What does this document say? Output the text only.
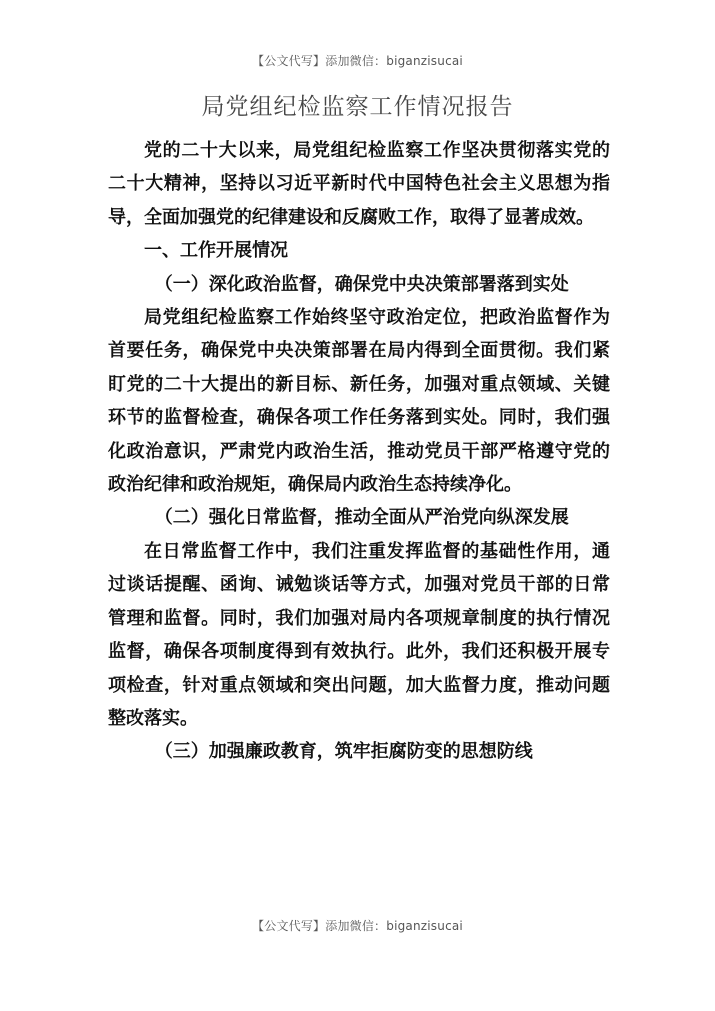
【公文代写】添加微信：biganzisucai
局党组纪检监察工作情况报告

党的二十大以来，局党组纪检监察工作坚决贯彻落实党的二十大精神，坚持以习近平新时代中国特色社会主义思想为指导，全面加强党的纪律建设和反腐败工作，取得了显著成效。

一、工作开展情况

（一）深化政治监督，确保党中央决策部署落到实处

局党组纪检监察工作始终坚守政治定位，把政治监督作为首要任务，确保党中央决策部署在局内得到全面贯彻。我们紧盯党的二十大提出的新目标、新任务，加强对重点领域、关键环节的监督检查，确保各项工作任务落到实处。同时，我们强化政治意识，严肃党内政治生活，推动党员干部严格遵守党的政治纪律和政治规矩，确保局内政治生态持续净化。

（二）强化日常监督，推动全面从严治党向纵深发展

在日常监督工作中，我们注重发挥监督的基础性作用，通过谈话提醒、函询、诫勉谈话等方式，加强对党员干部的日常管理和监督。同时，我们加强对局内各项规章制度的执行情况监督，确保各项制度得到有效执行。此外，我们还积极开展专项检查，针对重点领域和突出问题，加大监督力度，推动问题整改落实。

（三）加强廉政教育，筑牢拒腐防变的思想防线

【公文代写】添加微信：biganzisucai
